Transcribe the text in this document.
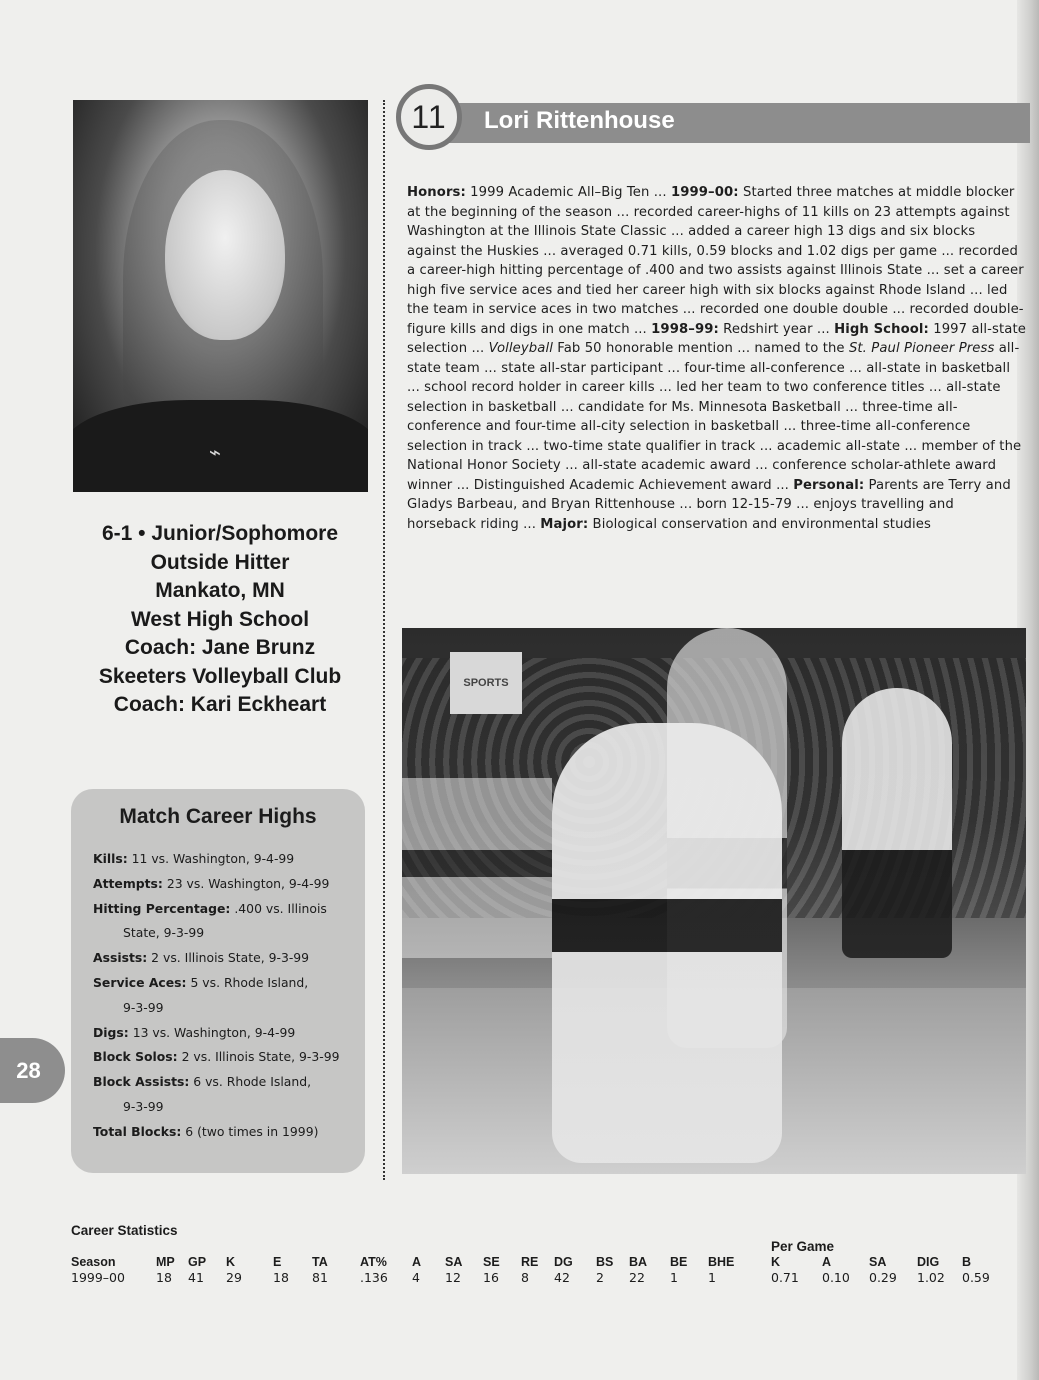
⌁
6-1 • Junior/Sophomore
Outside Hitter
Mankato, MN
West High School
Coach: Jane Brunz
Skeeters Volleyball Club
Coach: Kari Eckheart
Lori Rittenhouse
11
Honors: 1999 Academic All–Big Ten ... 1999–00: Started three matches at middle blocker at the beginning of the season ... recorded career-highs of 11 kills on 23 attempts against Washington at the Illinois State Classic ... added a career high 13 digs and six blocks against the Huskies ... averaged 0.71 kills, 0.59 blocks and 1.02 digs per game ... recorded a career-high hitting percentage of .400 and two assists against Illinois State ... set a career high five service aces and tied her career high with six blocks against Rhode Island ... led the team in service aces in two matches ... recorded one double double ... recorded double-figure kills and digs in one match ... 1998–99: Redshirt year ... High School: 1997 all-state selection ... Volleyball Fab 50 honorable mention ... named to the St. Paul Pioneer Press all-state team ... state all-star participant ... four-time all-conference ... all-state in basketball ... school record holder in career kills ... led her team to two conference titles ... all-state selection in basketball ... candidate for Ms. Minnesota Basketball ... three-time all-conference and four-time all-city selection in basketball ... three-time all-conference selection in track ... two-time state qualifier in track ... academic all-state ... member of the National Honor Society ... all-state academic award ... conference scholar-athlete award winner ... Distinguished Academic Achievement award ... Personal: Parents are Terry and Gladys Barbeau, and Bryan Rittenhouse ... born 12-15-79 ... enjoys travelling and horseback riding ... Major: Biological conservation and environmental studies
SPORTS
Match Career Highs
Kills: 11 vs. Washington, 9-4-99
Attempts: 23 vs. Washington, 9-4-99
Hitting Percentage: .400 vs. Illinois
State, 9-3-99
Assists: 2 vs. Illinois State, 9-3-99
Service Aces: 5 vs. Rhode Island,
9-3-99
Digs: 13 vs. Washington, 9-4-99
Block Solos: 2 vs. Illinois State, 9-3-99
Block Assists: 6 vs. Rhode Island,
9-3-99
Total Blocks: 6 (two times in 1999)
28
Career Statistics
Per Game
Season
1999–00
MP
18
GP
41
K
29
E
18
TA
81
AT%
.136
A
4
SA
12
SE
16
RE
8
DG
42
BS
2
BA
22
BE
1
BHE
1
K
0.71
A
0.10
SA
0.29
DIG
1.02
B
0.59
